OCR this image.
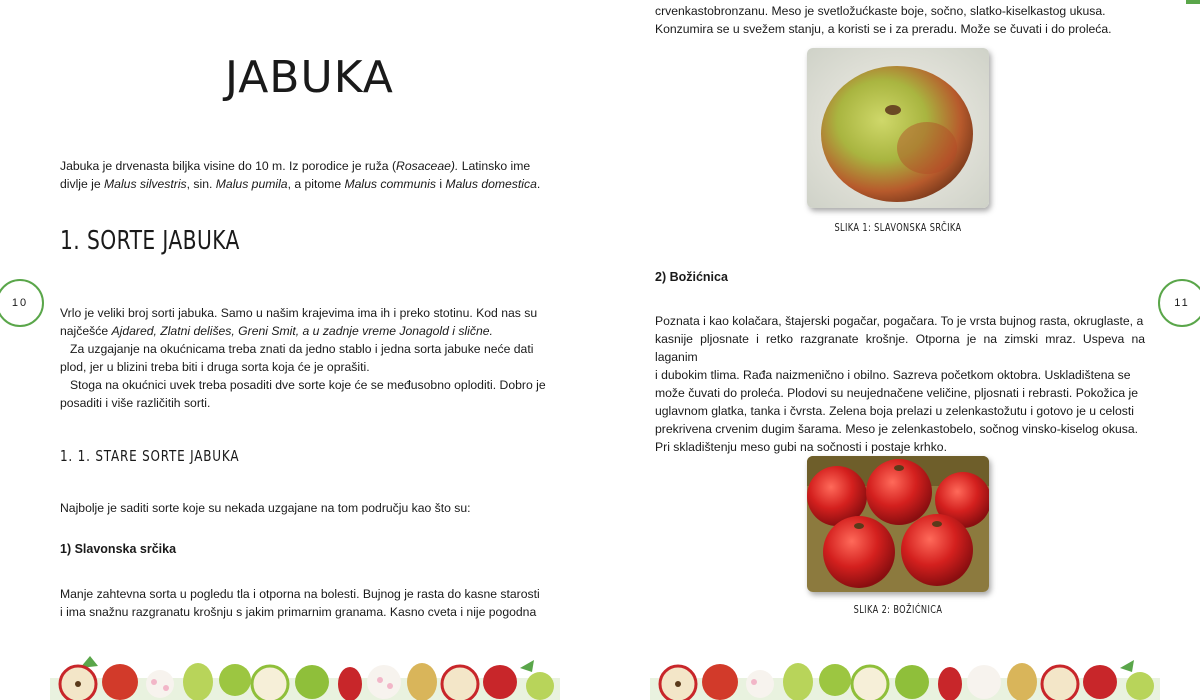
JABUKA
Jabuka je drvenasta biljka visine do 10 m. Iz porodice je ruža (Rosaceae). Latinsko ime
divlje je Malus silvestris, sin. Malus pumila, a pitome Malus communis i Malus domestica.
1. SORTE JABUKA
Vrlo je veliki broj sorti jabuka. Samo u našim krajevima ima ih i preko stotinu. Kod nas su
najčešće Ajdared, Zlatni delišes, Greni Smit, a u zadnje vreme Jonagold i slične.
Za uzgajanje na okućnicama treba znati da jedno stablo i jedna sorta jabuke neće dati
plod, jer u blizini treba biti i druga sorta koja će je oprašiti.
Stoga na okućnici uvek treba posaditi dve sorte koje će se međusobno oploditi. Dobro je
posaditi i više različitih sorti.
1. 1. STARE SORTE JABUKA
Najbolje je saditi sorte koje su nekada uzgajane na tom području kao što su:
1) Slavonska srčika
Manje zahtevna sorta u pogledu tla i otporna na bolesti. Bujnog je rasta do kasne starosti
i ima snažnu razgranatu krošnju s jakim primarnim granama. Kasno cveta i nije pogodna
10
crvenkastobronzanu. Meso je svetložućkaste boje, sočno, slatko-kiselkastog ukusa.
Konzumira se u svežem stanju, a koristi se i za preradu. Može se čuvati i do proleća.
SLIKA 1: SLAVONSKA SRČIKA
2) Božićnica
Poznata i kao kolačara, štajerski pogačar, pogačara. To je vrsta bujnog rasta, okruglaste, a
kasnije pljosnate i retko razgranate krošnje. Otporna je na zimski mraz. Uspeva na laganim
i dubokim tlima. Rađa naizmenično i obilno. Sazreva početkom oktobra. Uskladištena se
može čuvati do proleća. Plodovi su neujednačene veličine, pljosnati i rebrasti. Pokožica je
uglavnom glatka, tanka i čvrsta. Zelena boja prelazi u zelenkastožutu i gotovo je u celosti
prekrivena crvenim dugim šarama. Meso je zelenkastobelo, sočnog vinsko-kiselog okusa.
Pri skladištenju meso gubi na sočnosti i postaje krhko.
SLIKA 2: BOŽIĆNICA
11
